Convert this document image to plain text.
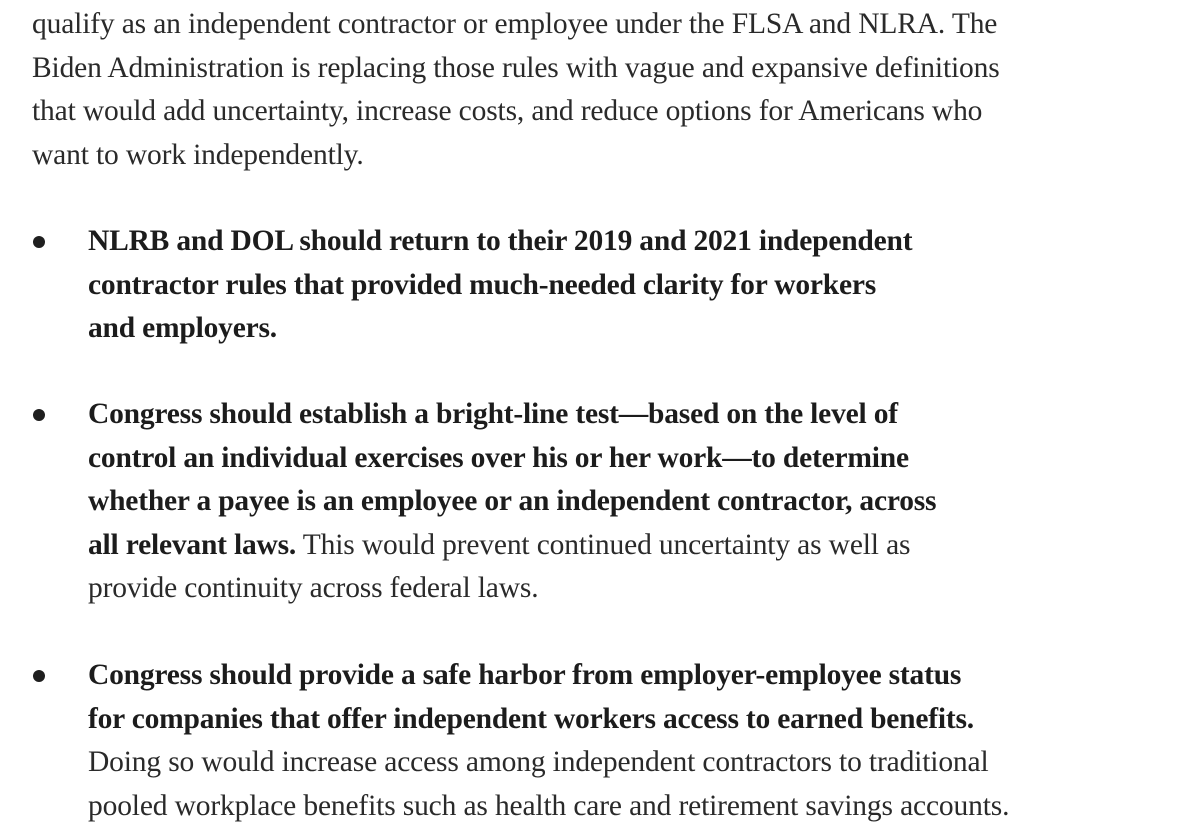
qualify as an independent contractor or employee under the FLSA and NLRA. The
Biden Administration is replacing those rules with vague and expansive definitions
that would add uncertainty, increase costs, and reduce options for Americans who
want to work independently.

NLRB and DOL should return to their 2019 and 2021 independent
contractor rules that provided much-needed clarity for workers
and employers.

Congress should establish a bright-line test—based on the level of
control an individual exercises over his or her work—to determine
whether a payee is an employee or an independent contractor, across
all relevant laws. This would prevent continued uncertainty as well as
provide continuity across federal laws.

Congress should provide a safe harbor from employer-employee status
for companies that offer independent workers access to earned benefits.
Doing so would increase access among independent contractors to traditional
pooled workplace benefits such as health care and retirement savings accounts.
